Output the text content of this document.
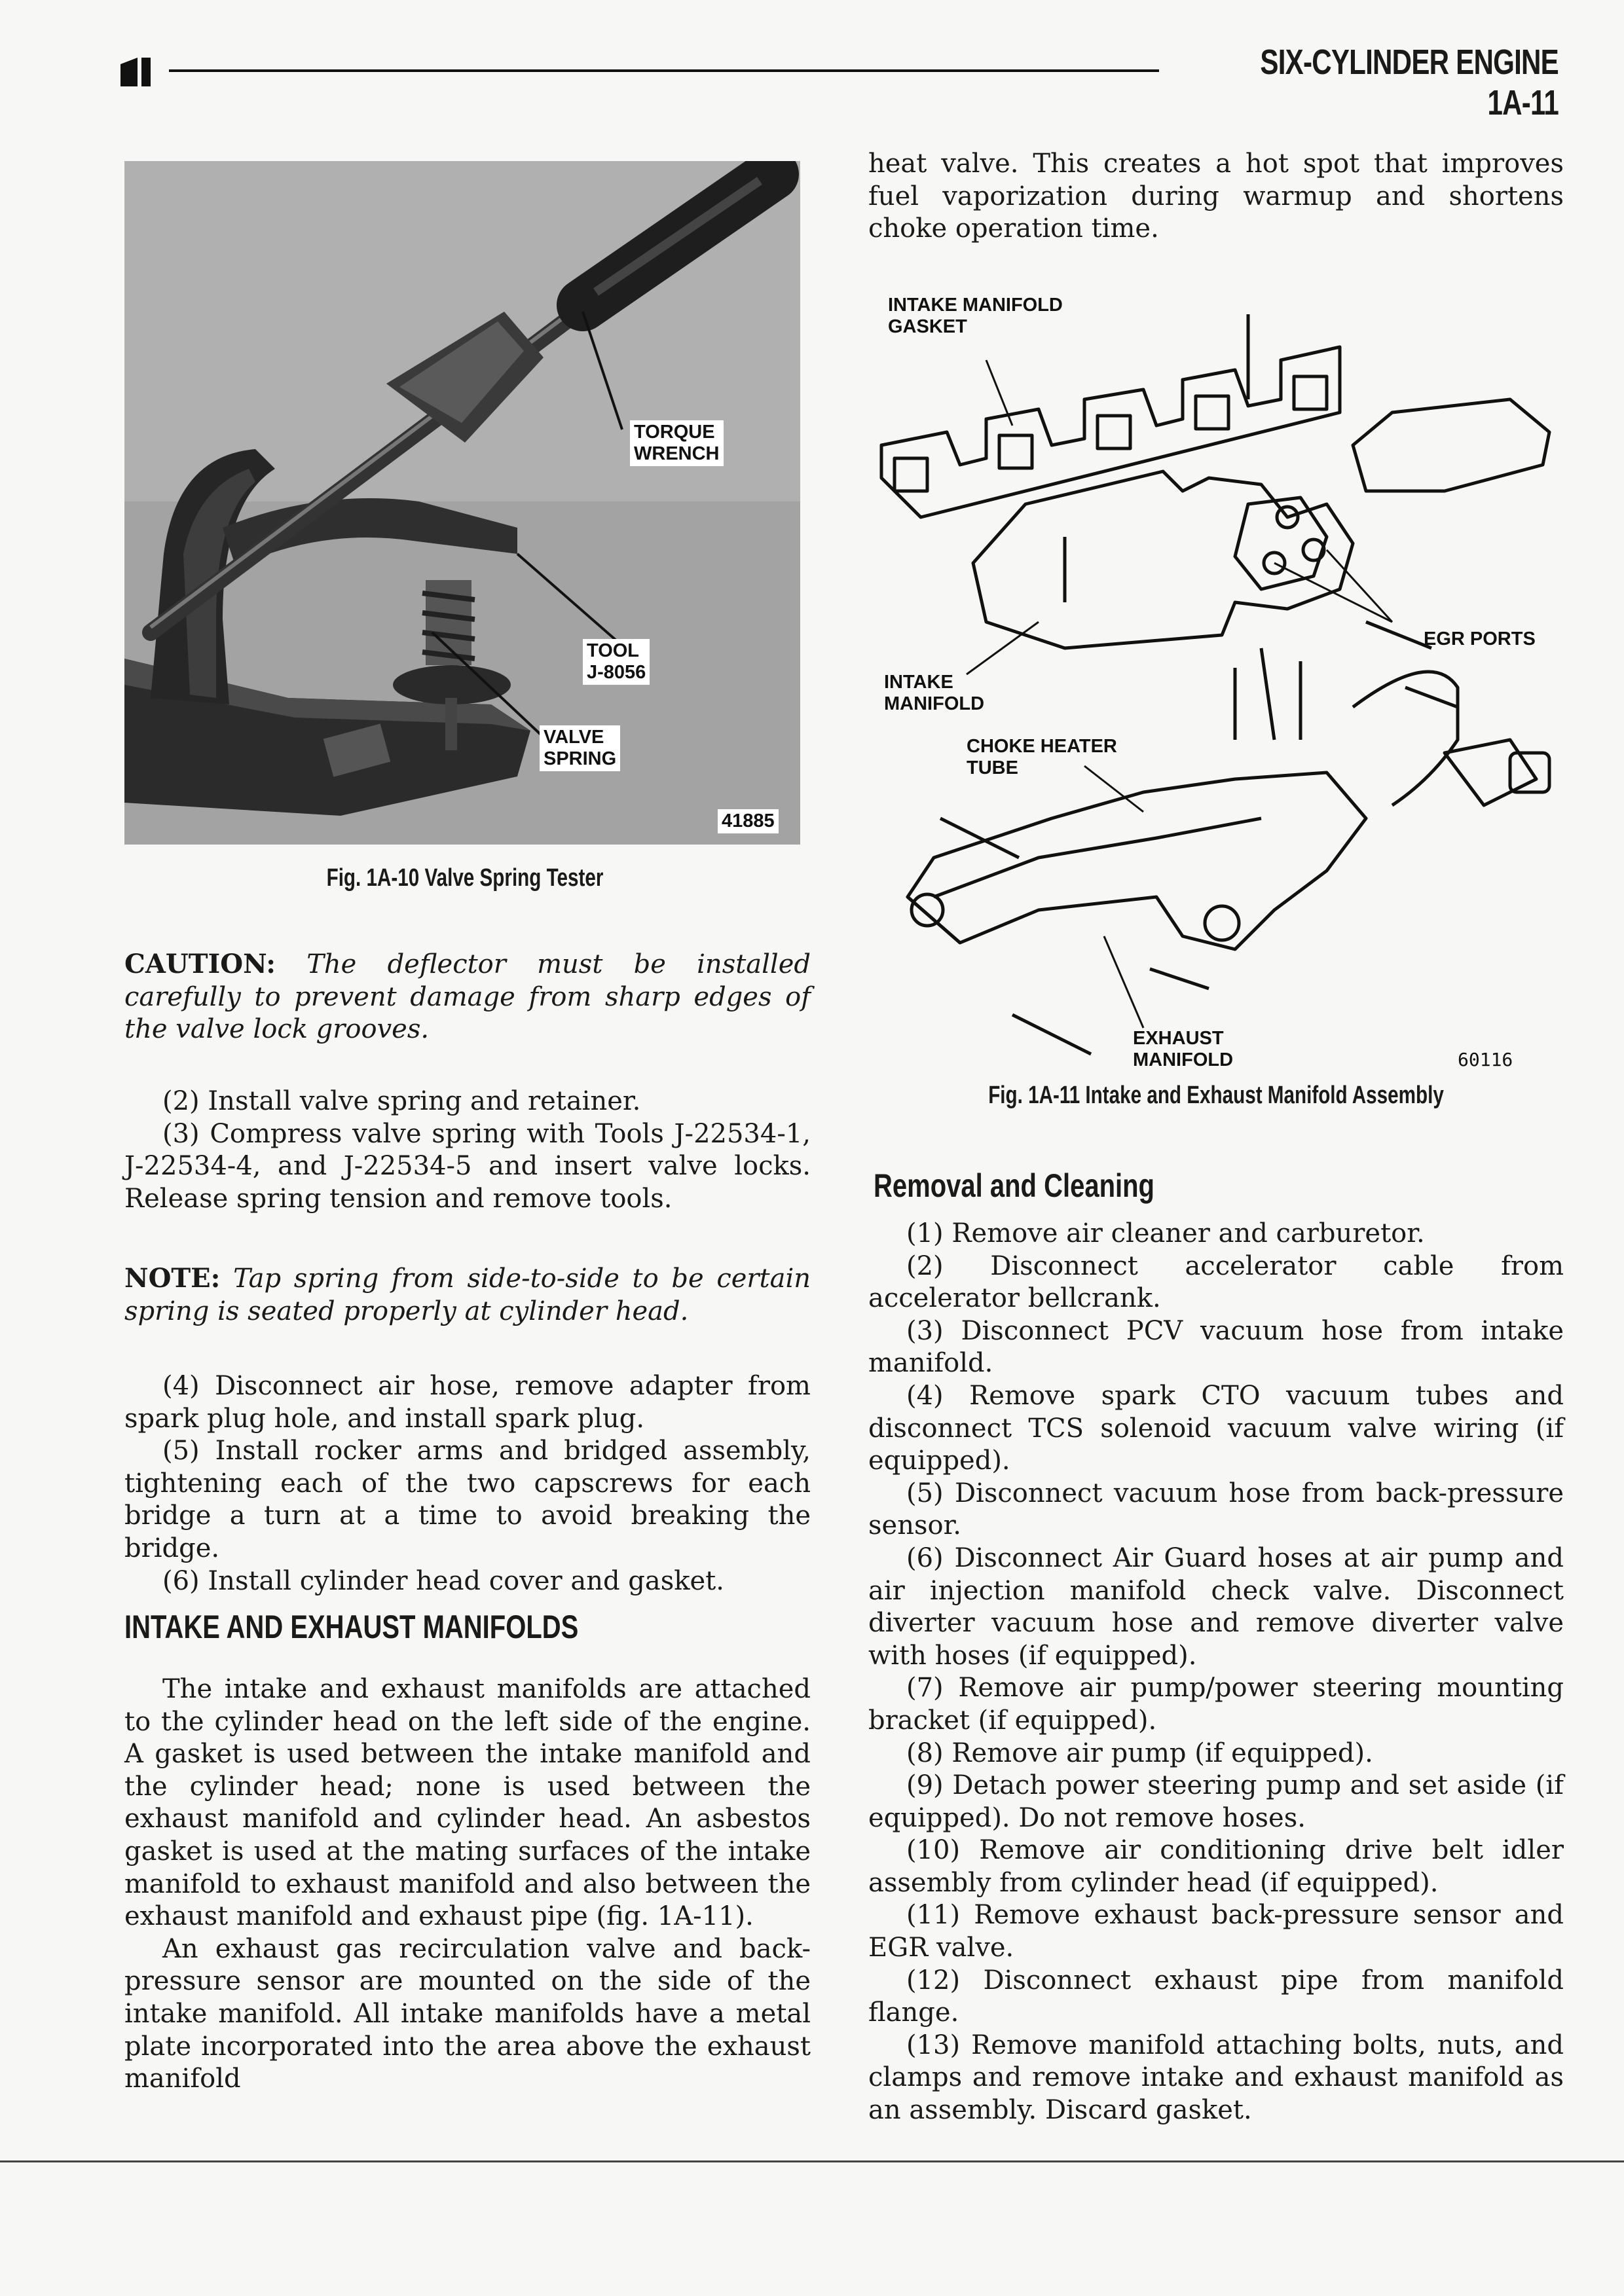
SIX-CYLINDER ENGINE 1A-11
TORQUE
WRENCH
TOOL
J-8056
VALVE
SPRING
41885
Fig. 1A-10 Valve Spring Tester

CAUTION: The deflector must be installed carefully to prevent damage from sharp edges of the valve lock grooves.

(2) Install valve spring and retainer.

(3) Compress valve spring with Tools J-22534-1, J-22534-4, and J-22534-5 and insert valve locks. Release spring tension and remove tools.

NOTE: Tap spring from side-to-side to be certain spring is seated properly at cylinder head.

(4) Disconnect air hose, remove adapter from spark plug hole, and install spark plug.

(5) Install rocker arms and bridged assembly, tightening each of the two capscrews for each bridge a turn at a time to avoid breaking the bridge.

(6) Install cylinder head cover and gasket.

INTAKE AND EXHAUST MANIFOLDS

The intake and exhaust manifolds are attached to the cylinder head on the left side of the engine. A gasket is used between the intake manifold and the cylinder head; none is used between the exhaust manifold and cylinder head. An asbestos gasket is used at the mating surfaces of the intake manifold to exhaust manifold and also between the exhaust manifold and exhaust pipe (fig. 1A-11).

An exhaust gas recirculation valve and back-pressure sensor are mounted on the side of the intake manifold. All intake manifolds have a metal plate incorporated into the area above the exhaust manifold

heat valve. This creates a hot spot that improves fuel vaporization during warmup and shortens choke operation time.

INTAKE MANIFOLD
GASKET
EGR PORTS
INTAKE
MANIFOLD
CHOKE HEATER
TUBE
EXHAUST
MANIFOLD	60116
Fig. 1A-11 Intake and Exhaust Manifold Assembly
Removal and Cleaning

(1) Remove air cleaner and carburetor.

(2) Disconnect accelerator cable from accelerator bellcrank.

(3) Disconnect PCV vacuum hose from intake manifold.

(4) Remove spark CTO vacuum tubes and disconnect TCS solenoid vacuum valve wiring (if equipped).

(5) Disconnect vacuum hose from back-pressure sensor.

(6) Disconnect Air Guard hoses at air pump and air injection manifold check valve. Disconnect diverter vacuum hose and remove diverter valve with hoses (if equipped).

(7) Remove air pump/power steering mounting bracket (if equipped).

(8) Remove air pump (if equipped).

(9) Detach power steering pump and set aside (if equipped). Do not remove hoses.

(10) Remove air conditioning drive belt idler assembly from cylinder head (if equipped).

(11) Remove exhaust back-pressure sensor and EGR valve.

(12) Disconnect exhaust pipe from manifold flange.

(13) Remove manifold attaching bolts, nuts, and clamps and remove intake and exhaust manifold as an assembly. Discard gasket.
